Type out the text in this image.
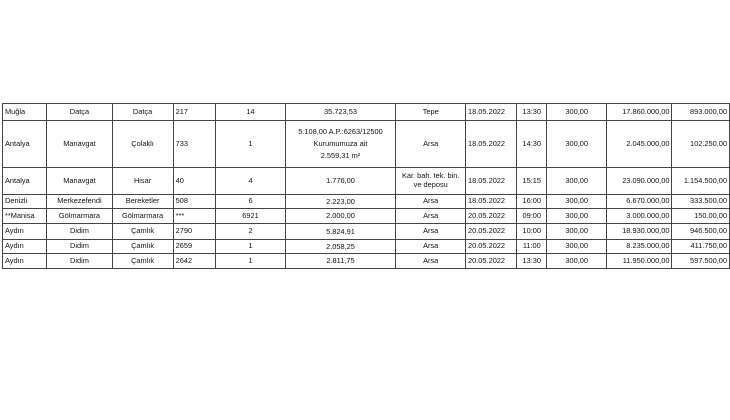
Muğla	Datça	Datça	217	14	35.723,53	Tepe	18.05.2022	13:30	300,00	17.860.000,00	893.000,00
Antalya	Manavgat	Çolaklı	733	1	5.108,00 A.P.:6263/12500
Kurumumuza ait
2.559,31 m²	Arsa	18.05.2022	14:30	300,00	2.045.000,00	102.250,00
Antalya	Manavgat	Hisar	40	4	1.776,00	Kar. bah. tek. bin. ve deposu	18.05.2022	15:15	300,00	23.090.000,00	1.154.500,00
Denizli	Merkezefendi	Bereketler	508	6	2.223,00	Arsa	18.05.2022	16:00	300,00	6.670.000,00	333.500,00
**Manisa	Gölmarmara	Gölmarmara	***	6921	2.000,00	Arsa	20.05.2022	09:00	300,00	3.000.000,00	150.00,00
Aydın	Didim	Çamlık	2790	2	5.824,91	Arsa	20.05.2022	10:00	300,00	18.930.000,00	946.500,00
Aydın	Didim	Çamlık	2659	1	2.058,25	Arsa	20.05.2022	11:00	300,00	8.235.000,00	411.750,00
Aydın	Didim	Çamlık	2642	1	2.811,75	Arsa	20.05.2022	13:30	300,00	11.950.000,00	597.500,00
